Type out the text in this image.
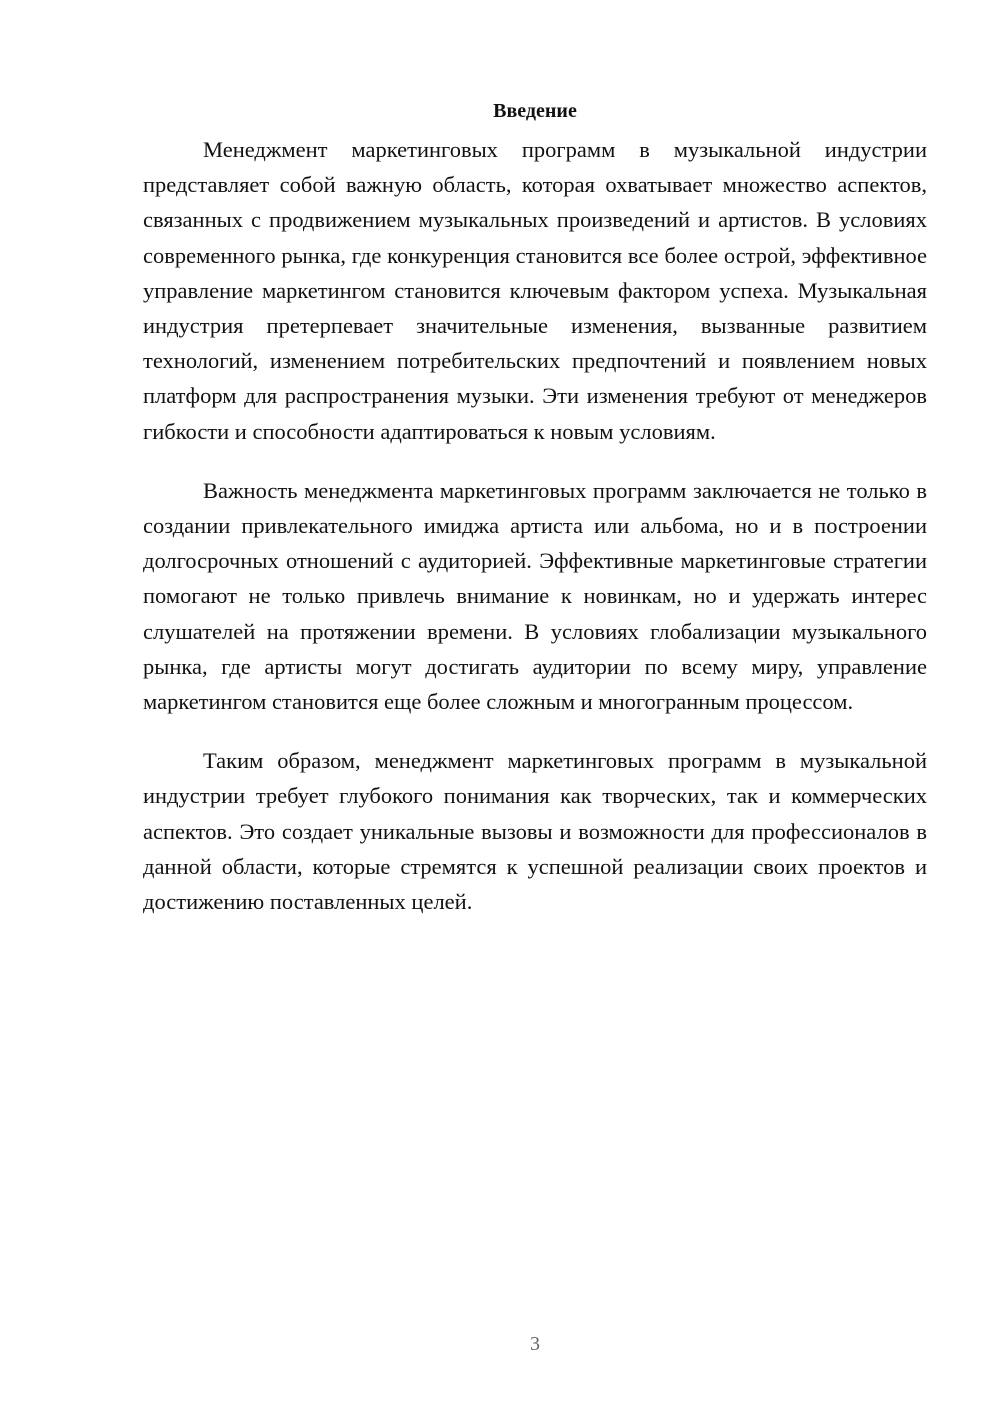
Введение

Менеджмент маркетинговых программ в музыкальной индустрии представляет собой важную область, которая охватывает множество аспектов, связанных с продвижением музыкальных произведений и артистов. В условиях современного рынка, где конкуренция становится все более острой, эффективное управление маркетингом становится ключевым фактором успеха. Музыкальная индустрия претерпевает значительные изменения, вызванные развитием технологий, изменением потребительских предпочтений и появлением новых платформ для распространения музыки. Эти изменения требуют от менеджеров гибкости и способности адаптироваться к новым условиям.

Важность менеджмента маркетинговых программ заключается не только в создании привлекательного имиджа артиста или альбома, но и в построении долгосрочных отношений с аудиторией. Эффективные маркетинговые стратегии помогают не только привлечь внимание к новинкам, но и удержать интерес слушателей на протяжении времени. В условиях глобализации музыкального рынка, где артисты могут достигать аудитории по всему миру, управление маркетингом становится еще более сложным и многогранным процессом.

Таким образом, менеджмент маркетинговых программ в музыкальной индустрии требует глубокого понимания как творческих, так и коммерческих аспектов. Это создает уникальные вызовы и возможности для профессионалов в данной области, которые стремятся к успешной реализации своих проектов и достижению поставленных целей.

3
